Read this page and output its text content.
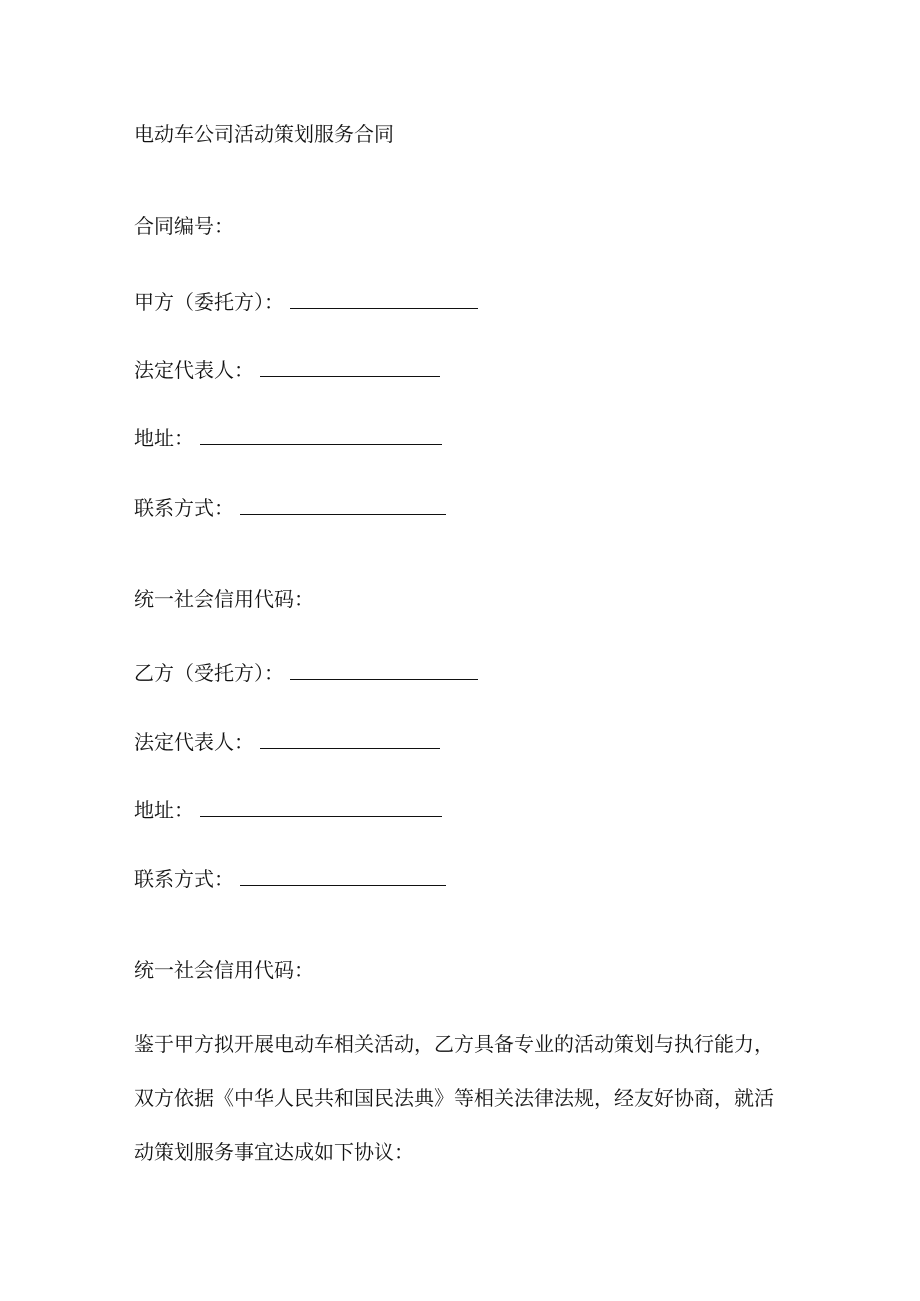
电动车公司活动策划服务合同
合同编号：
甲方（委托方）：
法定代表人：
地址：
联系方式：
统一社会信用代码：
乙方（受托方）：
法定代表人：
地址：
联系方式：
统一社会信用代码：
鉴于甲方拟开展电动车相关活动，乙方具备专业的活动策划与执行能力，
双方依据《中华人民共和国民法典》等相关法律法规，经友好协商，就活
动策划服务事宜达成如下协议：
